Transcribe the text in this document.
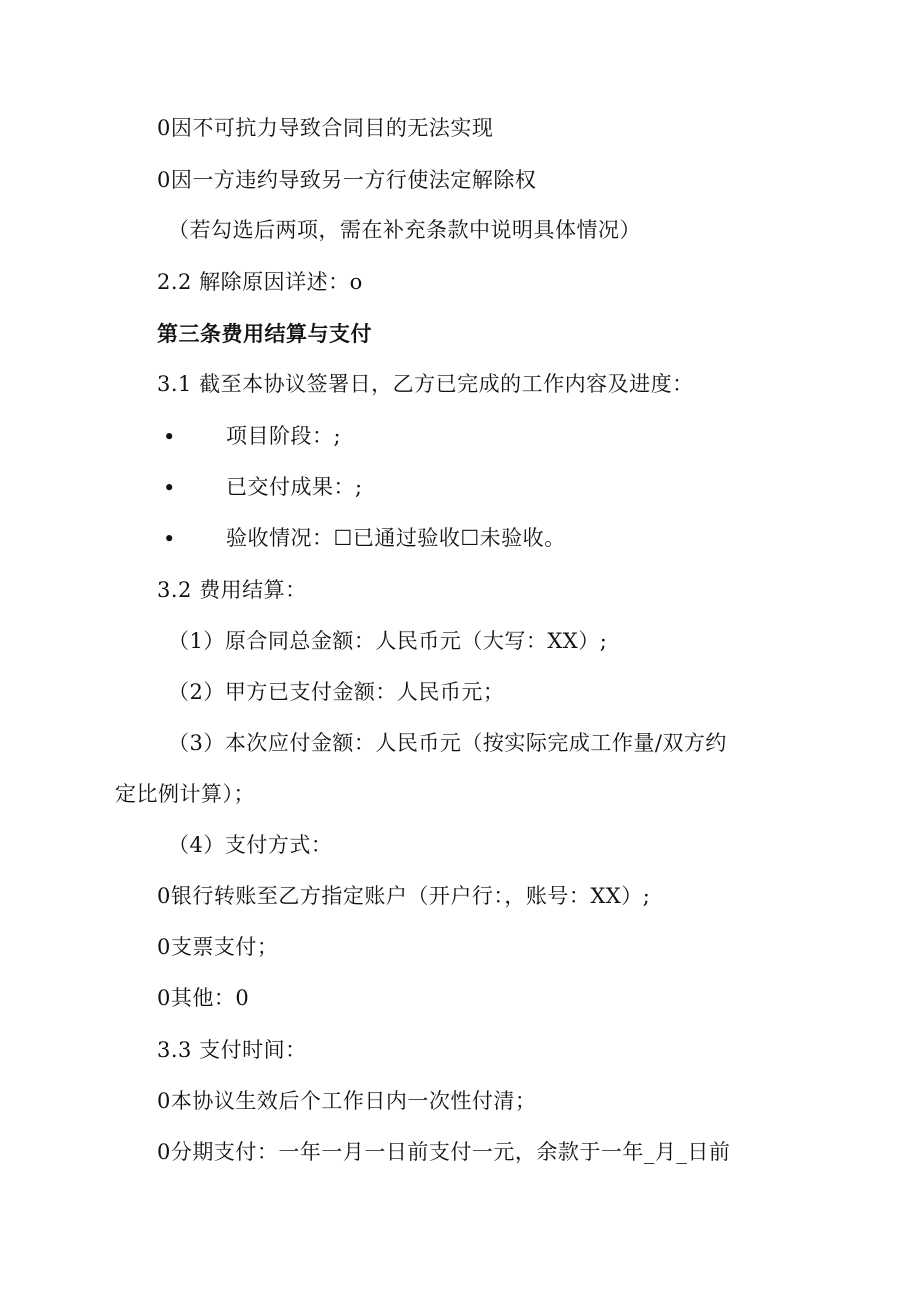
0因不可抗力导致合同目的无法实现
0因一方违约导致另一方行使法定解除权
（若勾选后两项，需在补充条款中说明具体情况）
2.2 解除原因详述：o
第三条费用结算与支付
3.1 截至本协议签署日，乙方已完成的工作内容及进度：
• 项目阶段：;
• 已交付成果：;
• 验收情况：☐已通过验收☐未验收。
3.2 费用结算：
（1）原合同总金额：人民币元（大写：XX）;
（2）甲方已支付金额：人民币元；
（3）本次应付金额：人民币元（按实际完成工作量/双方约
定比例计算）；
（4）支付方式：
0银行转账至乙方指定账户（开户行：，账号：XX）;
0支票支付；
0其他：0
3.3 支付时间：
0本协议生效后个工作日内一次性付清；
0分期支付：一年一月一日前支付一元，余款于一年_月_日前
